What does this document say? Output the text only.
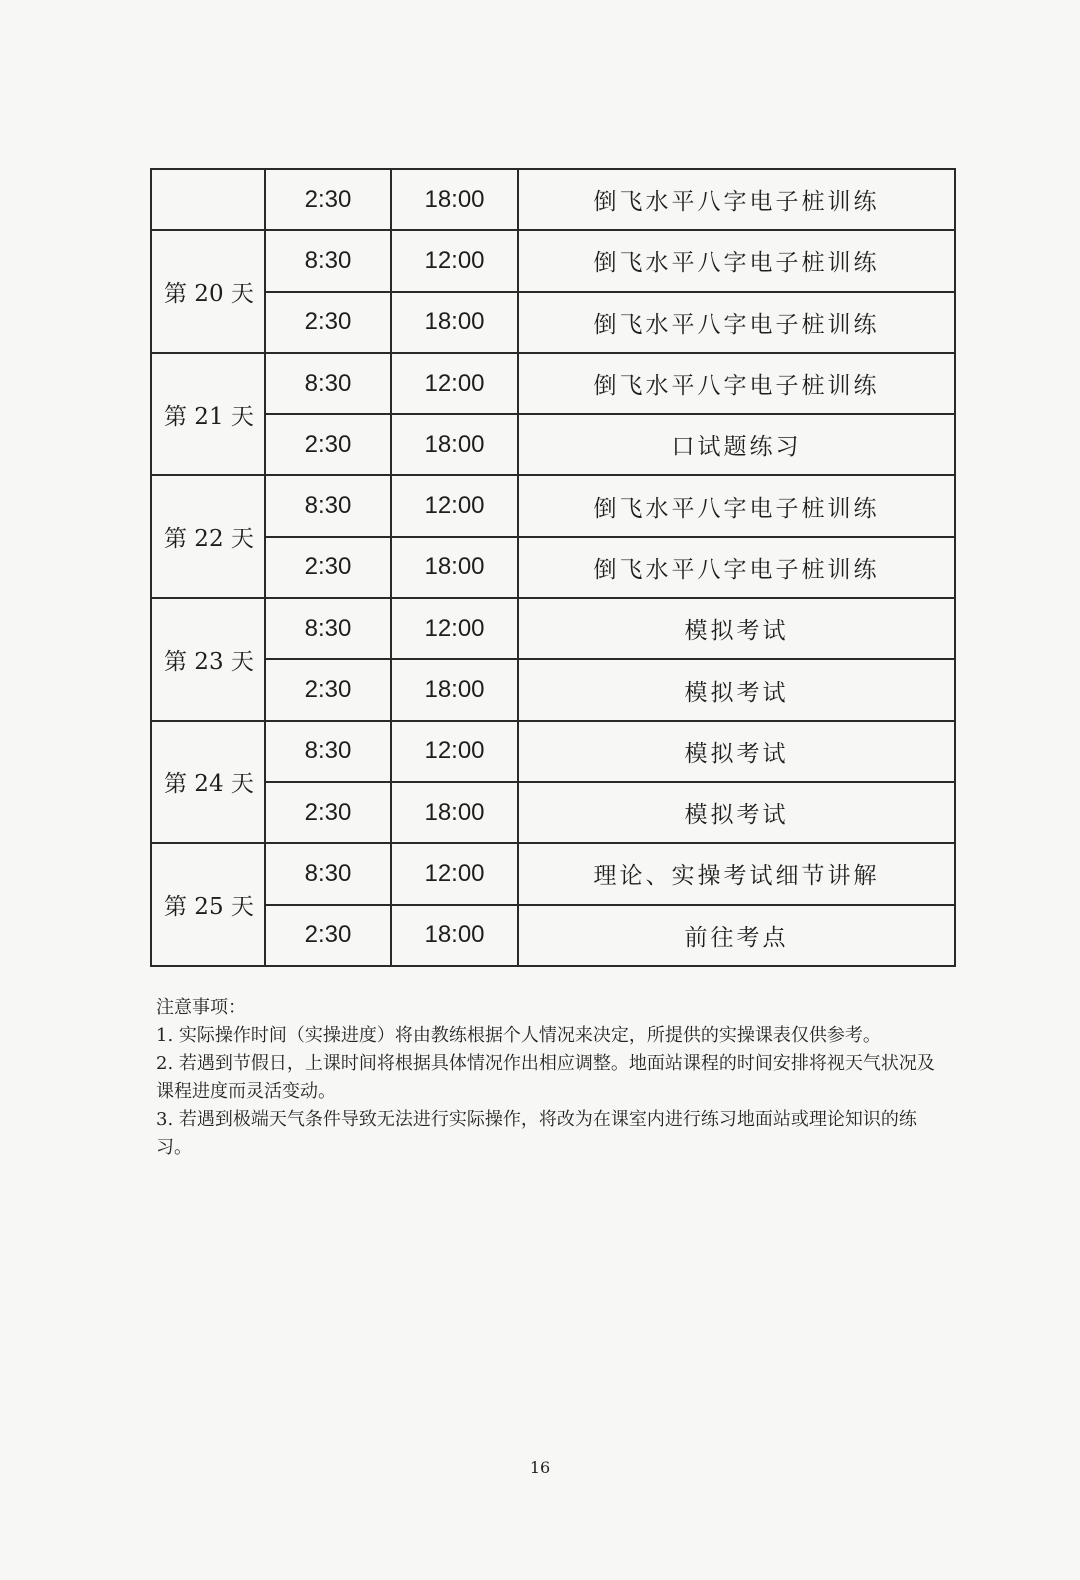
	2:30	18:00	倒飞水平八字电子桩训练
第 20 天	8:30	12:00	倒飞水平八字电子桩训练
	2:30	18:00	倒飞水平八字电子桩训练
第 21 天	8:30	12:00	倒飞水平八字电子桩训练
	2:30	18:00	口试题练习
第 22 天	8:30	12:00	倒飞水平八字电子桩训练
	2:30	18:00	倒飞水平八字电子桩训练
第 23 天	8:30	12:00	模拟考试
	2:30	18:00	模拟考试
第 24 天	8:30	12:00	模拟考试
	2:30	18:00	模拟考试
第 25 天	8:30	12:00	理论、实操考试细节讲解
	2:30	18:00	前往考点

注意事项：

1. 实际操作时间（实操进度）将由教练根据个人情况来决定，所提供的实操课表仅供参考。

2. 若遇到节假日，上课时间将根据具体情况作出相应调整。地面站课程的时间安排将视天气状况及课程进度而灵活变动。

3. 若遇到极端天气条件导致无法进行实际操作，将改为在课室内进行练习地面站或理论知识的练习。

16
